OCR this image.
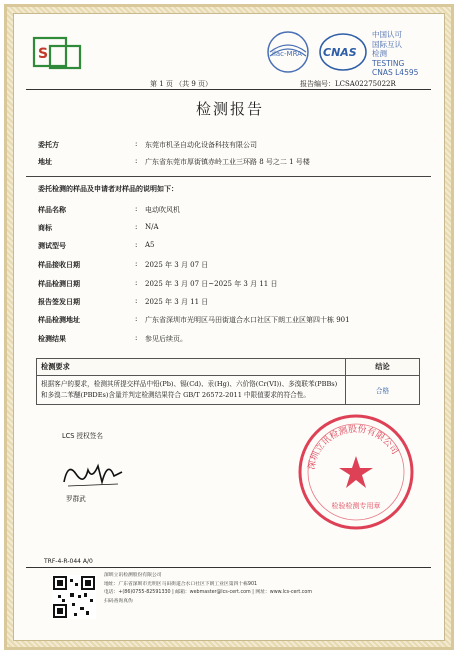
S	ilac-MRA CNAS
中国认可
国际互认
检测
TESTING
CNAS L4595
第 1 页 （共 9 页）	报告编号：LCSA02275022R
检测报告
委托方	: 东莞市机圣自动化设备科技有限公司
地址	: 广东省东莞市厚街镇赤岭工业三环路 8 号之二 1 号楼
委托检测的样品及申请者对样品的说明如下：
样品名称	: 电动吹风机
商标	: N/A
测试型号	: A5
样品接收日期	: 2025 年 3 月 07 日
样品检测日期	: 2025 年 3 月 07 日~2025 年 3 月 11 日
报告签发日期	: 2025 年 3 月 11 日
样品检测地址	: 广东省深圳市光明区马田街道合水口社区下朗工业区第四十栋 901
检测结果	: 参见后续页。
检测要求	结论
根据客户的要求，检测其所提交样品中铅(Pb)、镉(Cd)、汞(Hg)、六价铬(Cr(VI))、多溴联苯(PBBs)和多溴二苯醚(PBDEs)含量并判定检测结果符合 GB/T 26572-2011 中限值要求的符合性。	合格
LCS 授权签名
罗群武
深圳立讯检测股份有限公司
检验检测专用章
TRF-4-R-044 A/0
深圳立讯检测股份有限公司
地址：广东省深圳市光明区马田街道合水口社区下朗工业区第四十栋901
电话：+(86)0755-82591330 | 邮箱：webmaster@lcs-cert.com | 网址：www.lcs-cert.com
扫码查询真伪
